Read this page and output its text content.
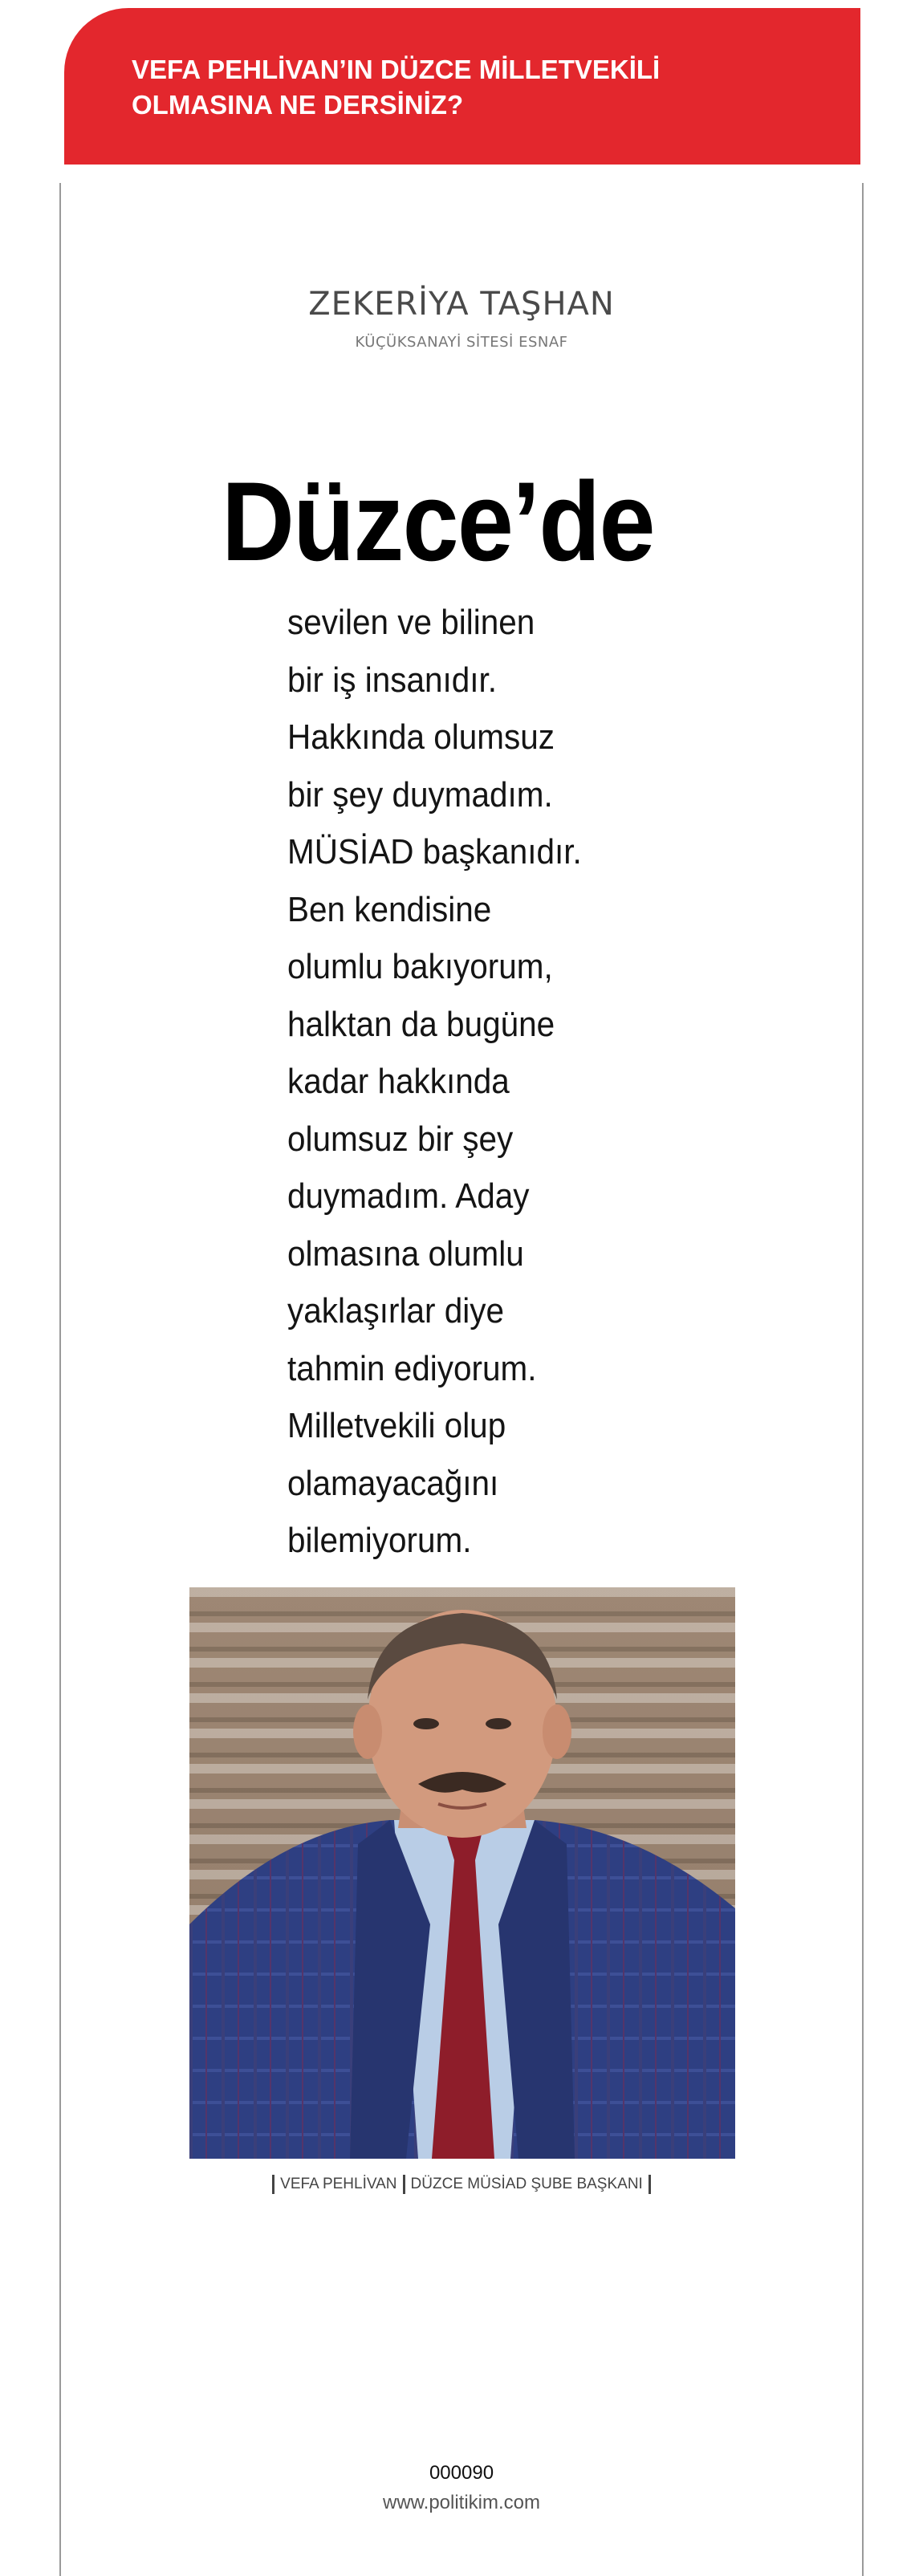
VEFA PEHLİVAN’IN DÜZCE MİLLETVEKİLİ
OLMASINA NE DERSİNİZ?
ZEKERİYA TAŞHAN
KÜÇÜKSANAYİ SİTESİ ESNAF
Düzce’de

sevilen ve bilinen
bir iş insanıdır.
Hakkında olumsuz
bir şey duymadım.
MÜSİAD başkanıdır.
Ben kendisine
olumlu bakıyorum,
halktan da bugüne
kadar hakkında
olumsuz bir şey
duymadım. Aday
olmasına olumlu
yaklaşırlar diye
tahmin ediyorum.
Milletvekili olup
olamayacağını
bilemiyorum.

VEFA PEHLİVAN DÜZCE MÜSİAD ŞUBE BAŞKANI
000090
www.politikim.com
